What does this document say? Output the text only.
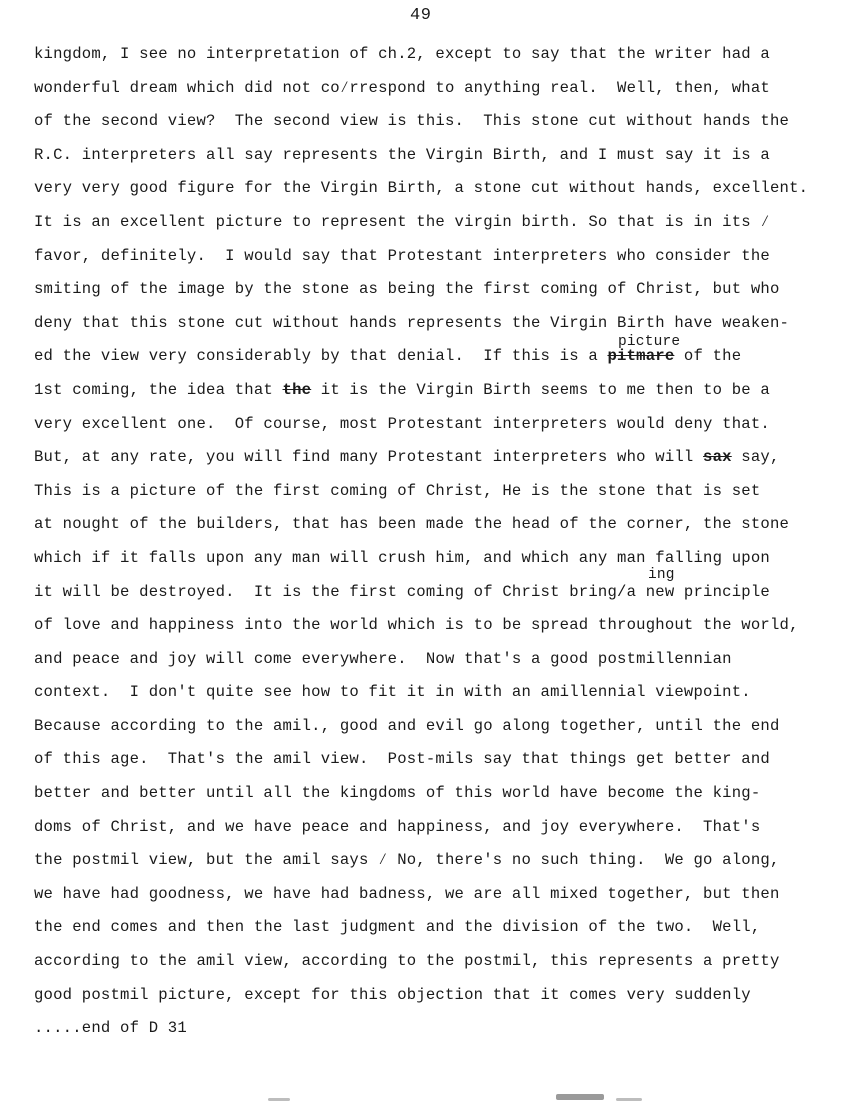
49
kingdom, I see no interpretation of ch.2, except to say that the writer had a
wonderful dream which did not co⁄rrespond to anything real.  Well, then, what
of the second view?  The second view is this.  This stone cut without hands the
R.C. interpreters all say represents the Virgin Birth, and I must say it is a
very very good figure for the Virgin Birth, a stone cut without hands, excellent.
It is an excellent picture to represent the virgin birth. So that is in its ⁄
favor, definitely.  I would say that Protestant interpreters who consider the
smiting of the image by the stone as being the first coming of Christ, but who
deny that this stone cut without hands represents the Virgin Birth have weaken-

picture

ed the view very considerably by that denial.  If this is a pitmare of the
1st coming, the idea that the it is the Virgin Birth seems to me then to be a
very excellent one.  Of course, most Protestant interpreters would deny that.
But, at any rate, you will find many Protestant interpreters who will sax say,
This is a picture of the first coming of Christ, He is the stone that is set
at nought of the builders, that has been made the head of the corner, the stone
which if it falls upon any man will crush him, and which any man falling upon

ing

it will be destroyed.  It is the first coming of Christ bring/a new principle
of love and happiness into the world which is to be spread throughout the world,
and peace and joy will come everywhere.  Now that's a good postmillennian
context.  I don't quite see how to fit it in with an amillennial viewpoint.
Because according to the amil., good and evil go along together, until the end
of this age.  That's the amil view.  Post-mils say that things get better and
better and better until all the kingdoms of this world have become the king-
doms of Christ, and we have peace and happiness, and joy everywhere.  That's
the postmil view, but the amil says ⁄ No, there's no such thing.  We go along,
we have had goodness, we have had badness, we are all mixed together, but then
the end comes and then the last judgment and the division of the two.  Well,
according to the amil view, according to the postmil, this represents a pretty
good postmil picture, except for this objection that it comes very suddenly
.....end of D 31
